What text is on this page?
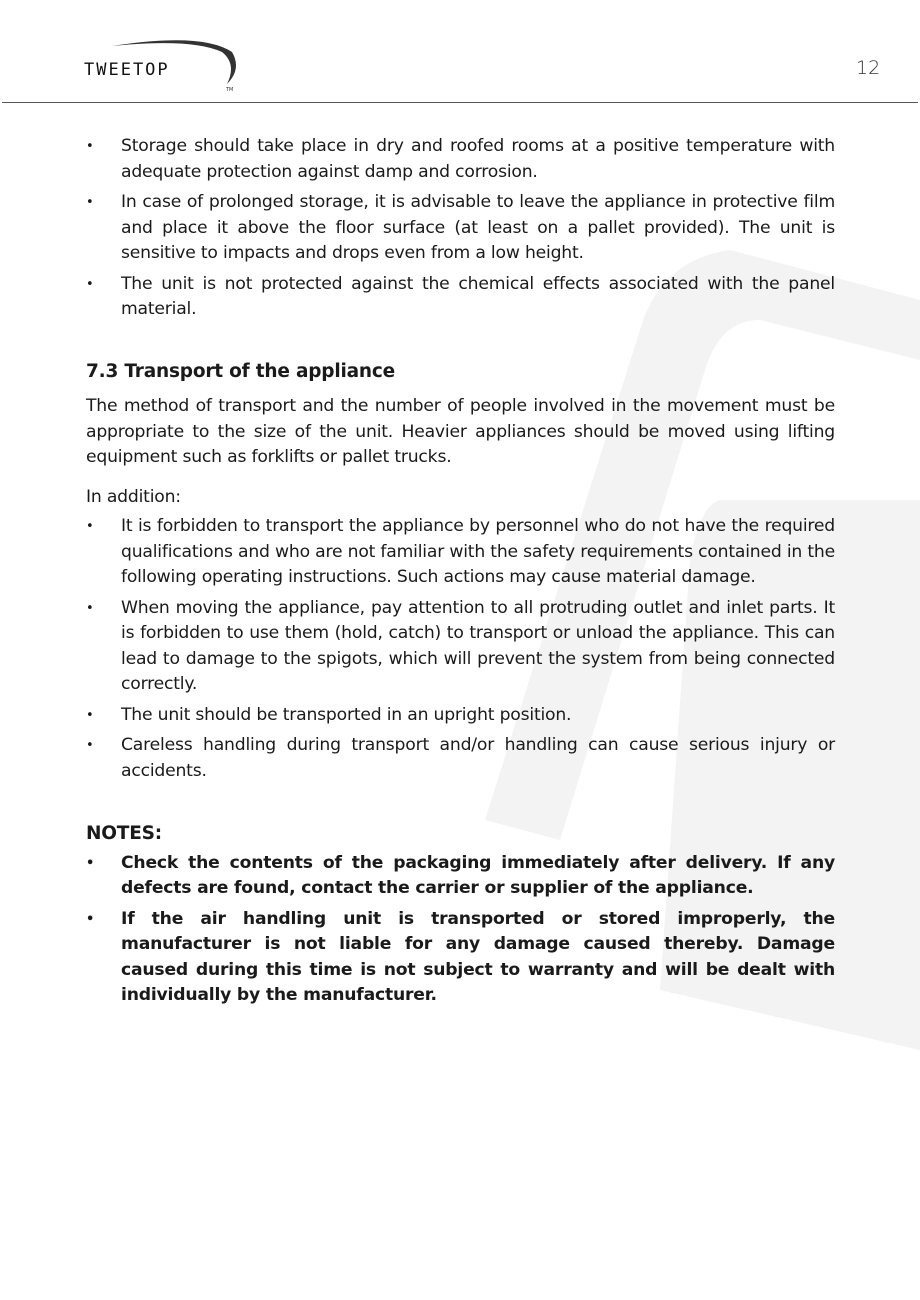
TWEETOP
TM
12
• Storage should take place in dry and roofed rooms at a positive temperature with adequate protection against damp and corrosion.
• In case of prolonged storage, it is advisable to leave the appliance in protective film and place it above the floor surface (at least on a pallet provided). The unit is sensitive to impacts and drops even from a low height.
• The unit is not protected against the chemical effects associated with the panel material.
7.3 Transport of the appliance

The method of transport and the number of people involved in the movement must be appropriate to the size of the unit. Heavier appliances should be moved using lifting equipment such as forklifts or pallet trucks.

In addition:

• It is forbidden to transport the appliance by personnel who do not have the required qualifications and who are not familiar with the safety requirements contained in the following operating instructions. Such actions may cause material damage.
• When moving the appliance, pay attention to all protruding outlet and inlet parts. It is forbidden to use them (hold, catch) to transport or unload the appliance. This can lead to damage to the spigots, which will prevent the system from being connected correctly.
• The unit should be transported in an upright position.
• Careless handling during transport and/or handling can cause serious injury or accidents.
NOTES:
• Check the contents of the packaging immediately after delivery. If any defects are found, contact the carrier or supplier of the appliance.
• If the air handling unit is transported or stored improperly, the manufacturer is not liable for any damage caused thereby. Damage caused during this time is not subject to warranty and will be dealt with individually by the manufacturer.
